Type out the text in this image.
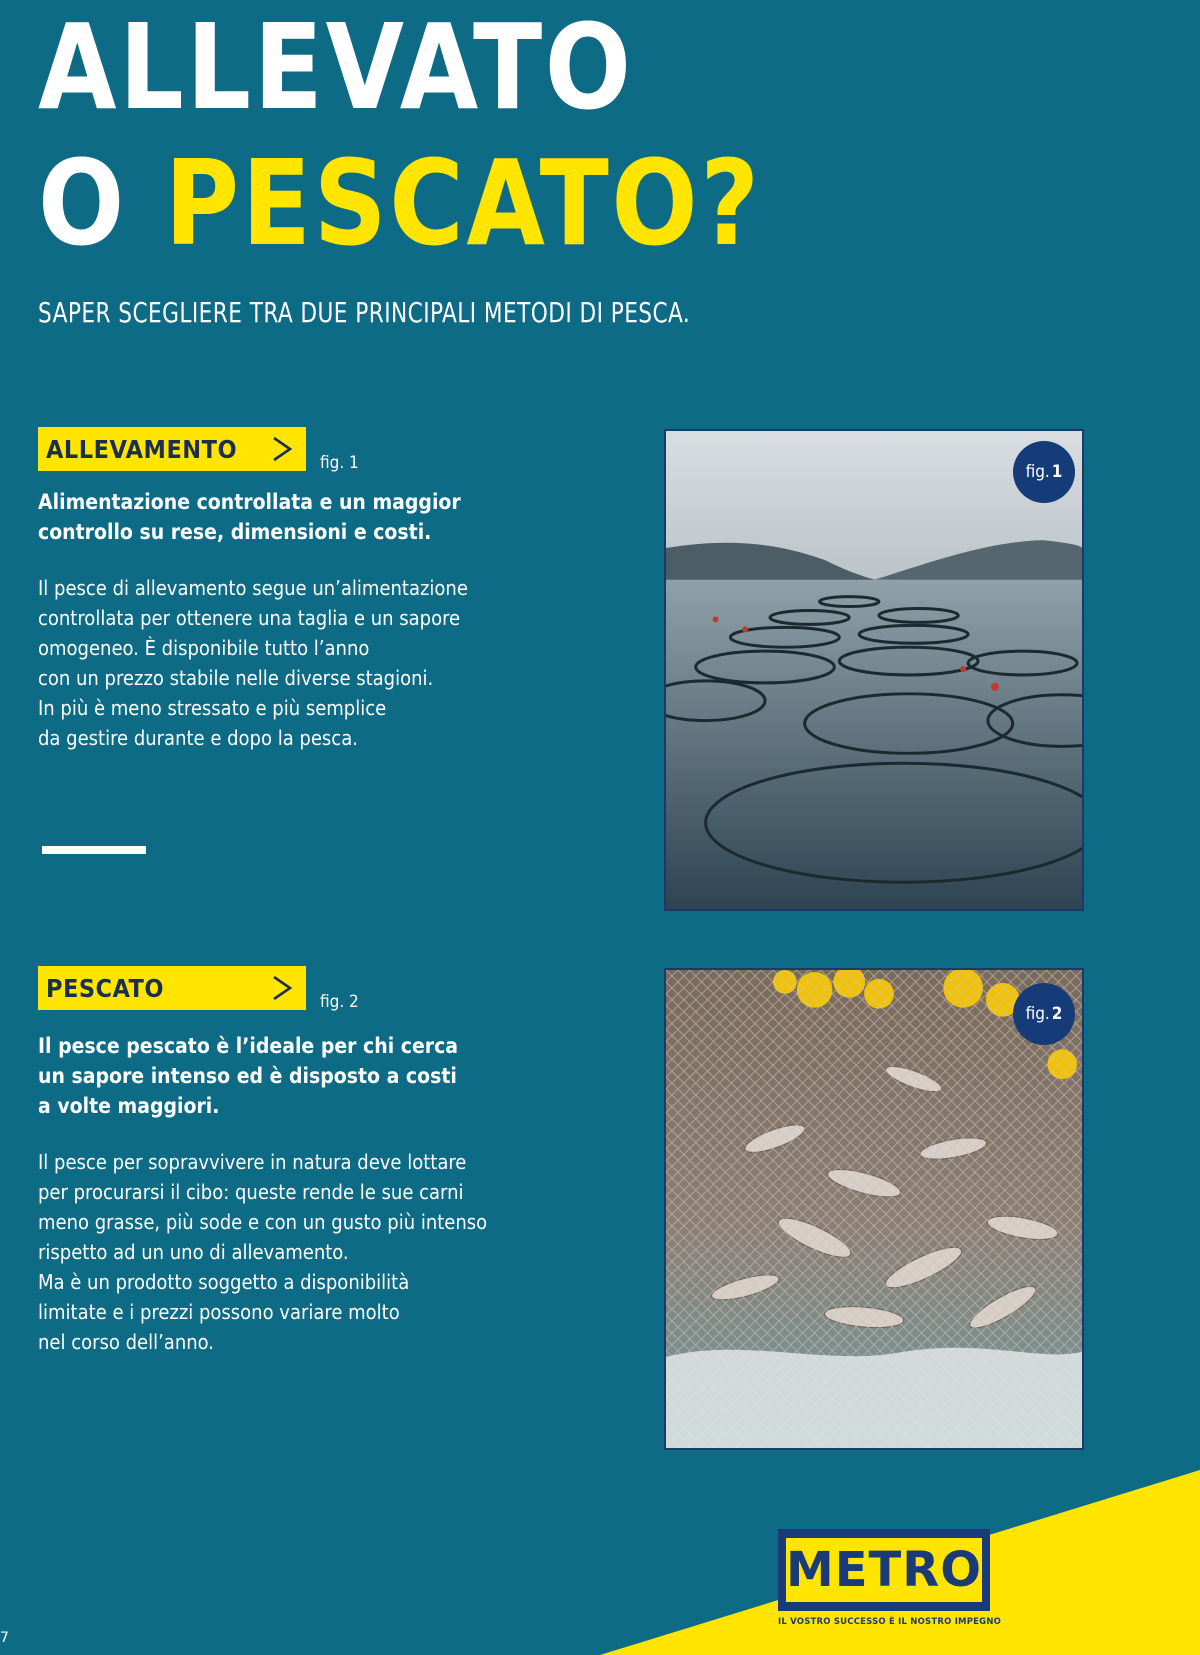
ALLEVATO
O PESCATO?

SAPER SCEGLIERE TRA DUE PRINCIPALI METODI DI PESCA.

ALLEVAMENTO	fig. 1
Alimentazione controllata e un maggior
controllo su rese, dimensioni e costi.
Il pesce di allevamento segue un’alimentazione
controllata per ottenere una taglia e un sapore
omogeneo. È disponibile tutto l’anno
con un prezzo stabile nelle diverse stagioni.
In più è meno stressato e più semplice
da gestire durante e dopo la pesca.
fig. 1
PESCATO	fig. 2
Il pesce pescato è l’ideale per chi cerca
un sapore intenso ed è disposto a costi
a volte maggiori.
Il pesce per sopravvivere in natura deve lottare
per procurarsi il cibo: queste rende le sue carni
meno grasse, più sode e con un gusto più intenso
rispetto ad un uno di allevamento.
Ma è un prodotto soggetto a disponibilità
limitate e i prezzi possono variare molto
nel corso dell’anno.
fig. 2
METRO
IL VOSTRO SUCCESSO È IL NOSTRO IMPEGNO
7
